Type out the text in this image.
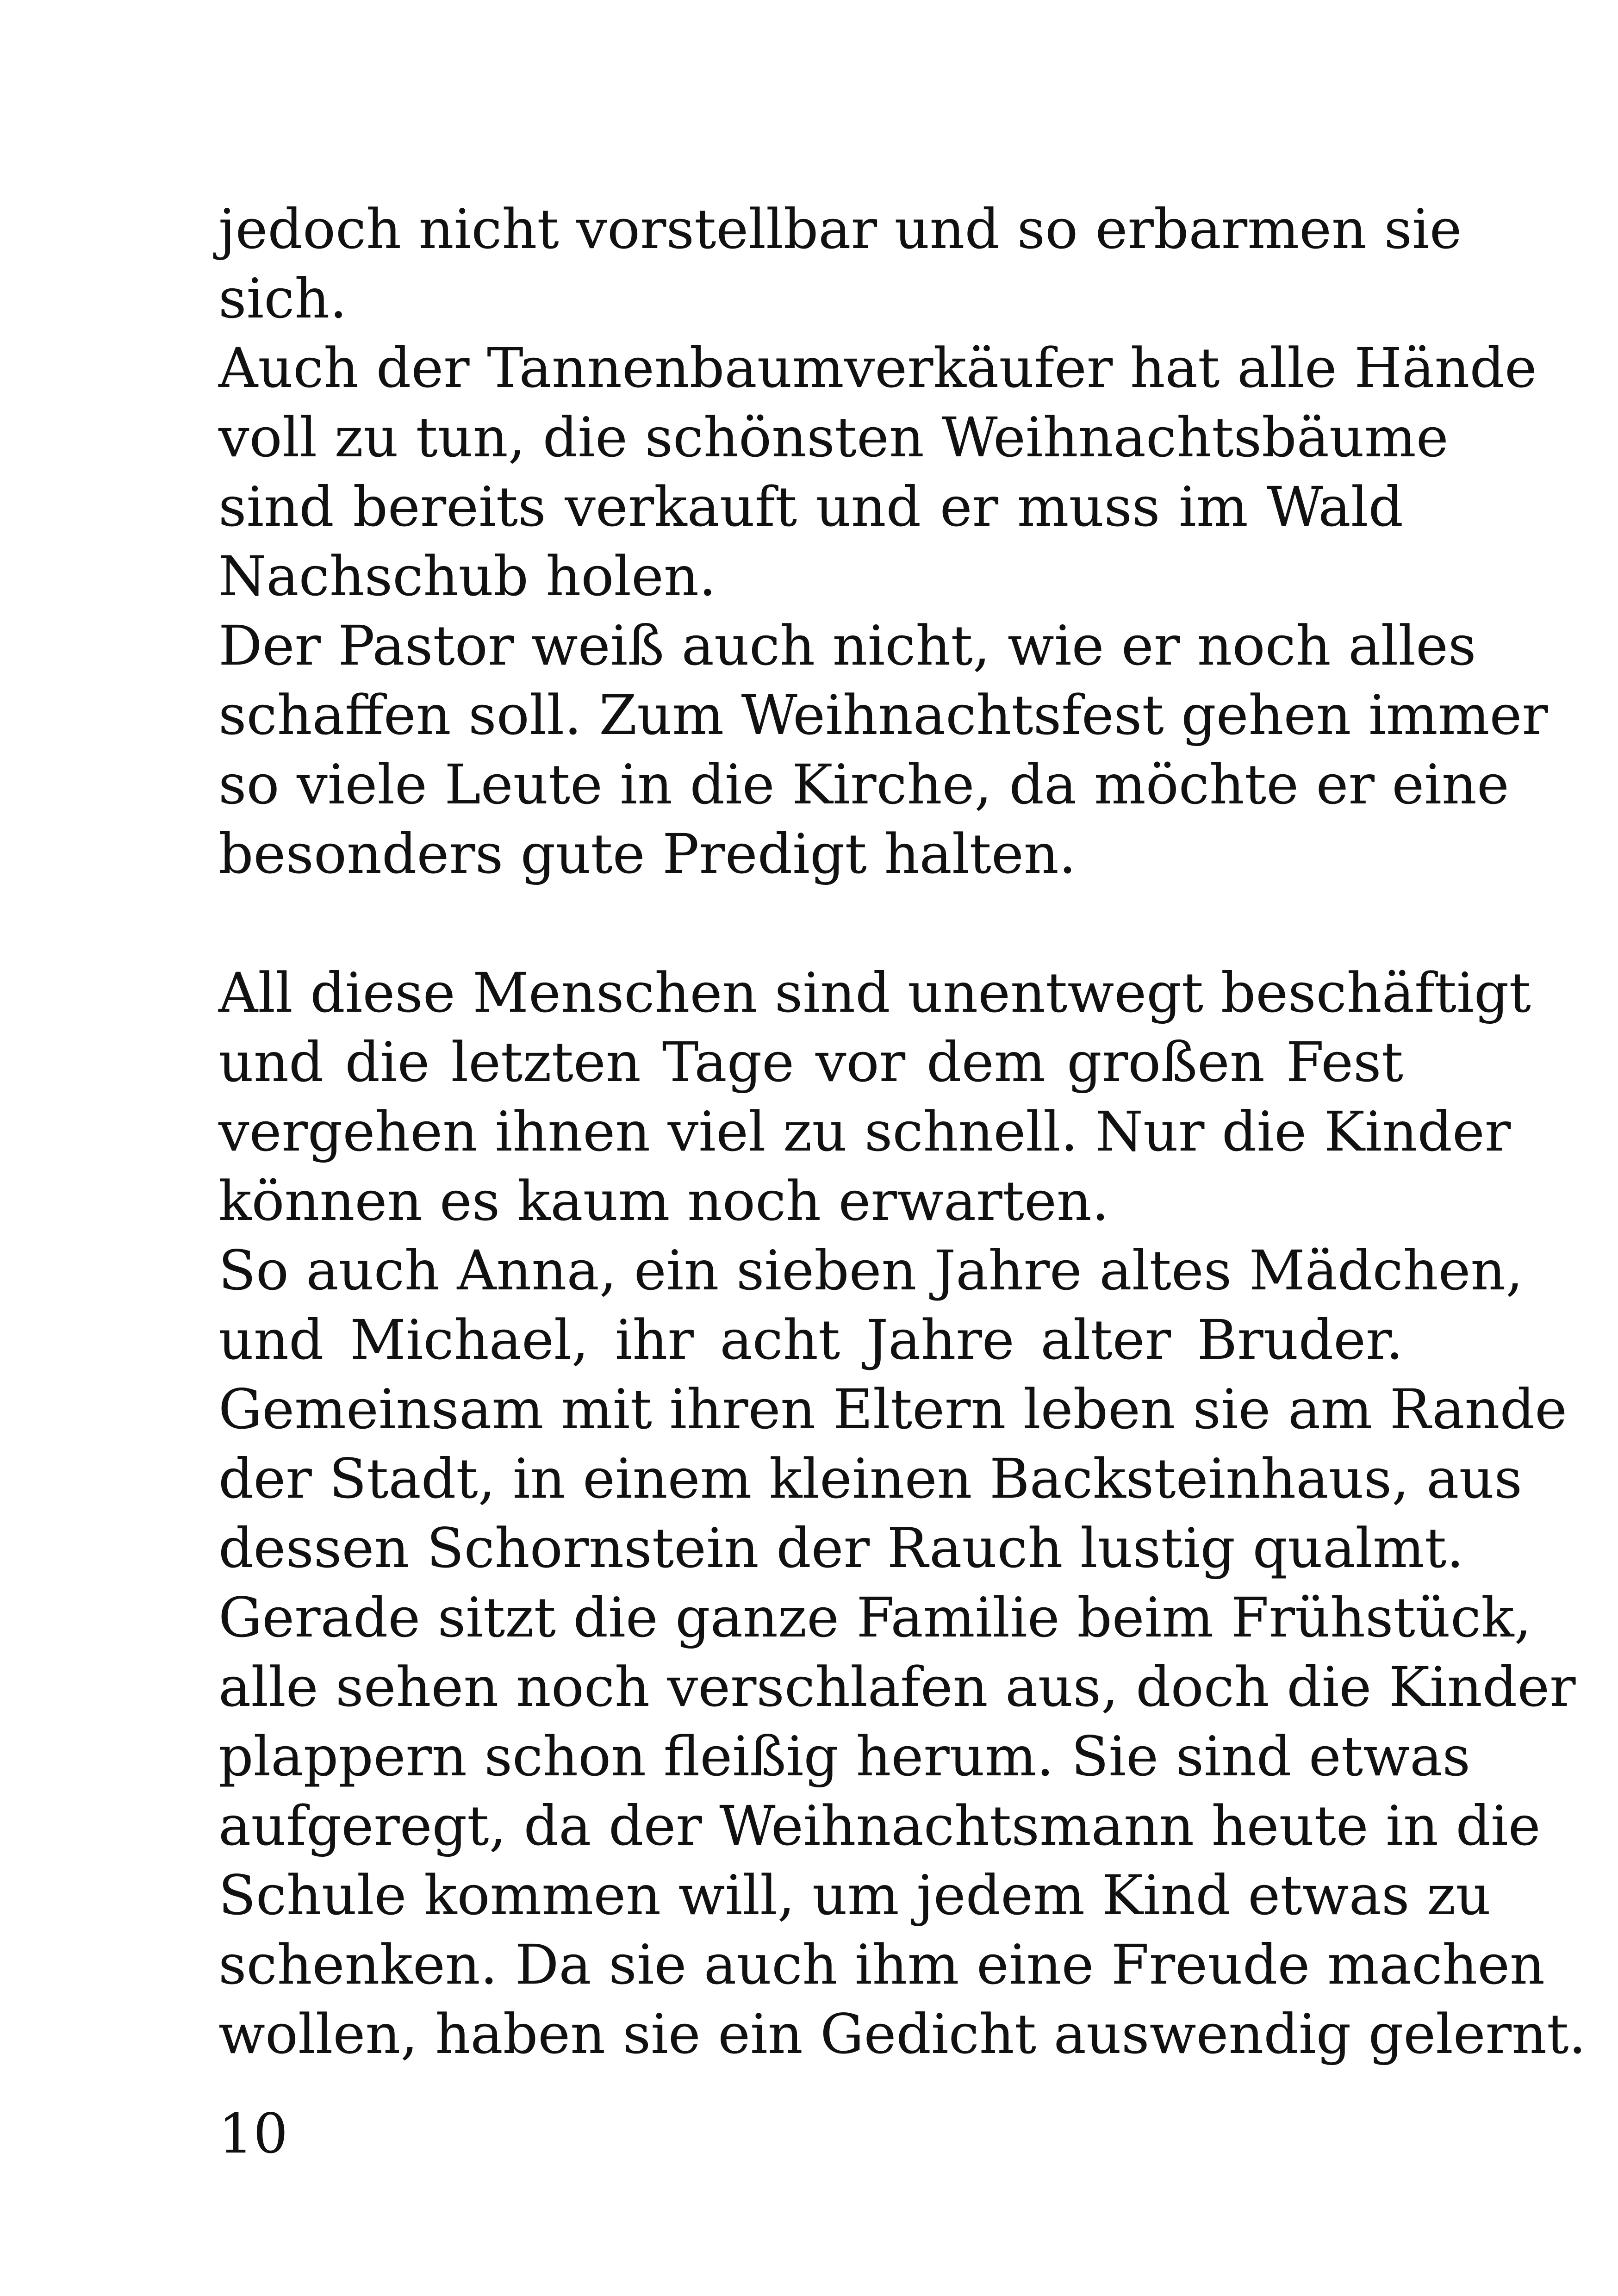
jedoch nicht vorstellbar und so erbarmen sie
sich.
Auch der Tannenbaumverkäufer hat alle Hände
voll zu tun, die schönsten Weihnachtsbäume
sind bereits verkauft und er muss im Wald
Nachschub holen.
Der Pastor weiß auch nicht, wie er noch alles
schaffen soll. Zum Weihnachtsfest gehen immer
so viele Leute in die Kirche, da möchte er eine
besonders gute Predigt halten.
All diese Menschen sind unentwegt beschäftigt
und die letzten Tage vor dem großen Fest
vergehen ihnen viel zu schnell. Nur die Kinder
können es kaum noch erwarten.
So auch Anna, ein sieben Jahre altes Mädchen,
und Michael, ihr acht Jahre alter Bruder.
Gemeinsam mit ihren Eltern leben sie am Rande
der Stadt, in einem kleinen Backsteinhaus, aus
dessen Schornstein der Rauch lustig qualmt.
Gerade sitzt die ganze Familie beim Frühstück,
alle sehen noch verschlafen aus, doch die Kinder
plappern schon fleißig herum. Sie sind etwas
aufgeregt, da der Weihnachtsmann heute in die
Schule kommen will, um jedem Kind etwas zu
schenken. Da sie auch ihm eine Freude machen
wollen, haben sie ein Gedicht auswendig gelernt.
10
